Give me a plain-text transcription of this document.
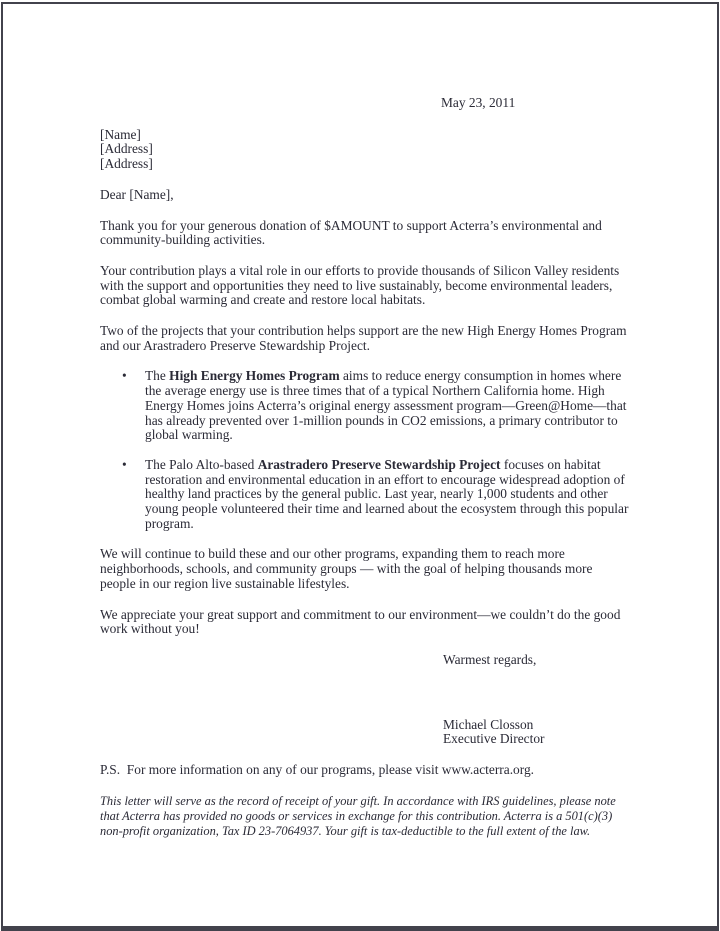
May 23, 2011
[Name]
[Address]
[Address]

Dear [Name],

Thank you for your generous donation of $AMOUNT to support Acterra’s environmental and community-building activities.

Your contribution plays a vital role in our efforts to provide thousands of Silicon Valley residents with the support and opportunities they need to live sustainably, become environmental leaders, combat global warming and create and restore local habitats.

Two of the projects that your contribution helps support are the new High Energy Homes Program and our Arastradero Preserve Stewardship Project.

• The High Energy Homes Program aims to reduce energy consumption in homes where the average energy use is three times that of a typical Northern California home. High Energy Homes joins Acterra’s original energy assessment program—Green@Home—that has already prevented over 1-million pounds in CO2 emissions, a primary contributor to global warming.
• The Palo Alto-based Arastradero Preserve Stewardship Project focuses on habitat restoration and environmental education in an effort to encourage widespread adoption of healthy land practices by the general public. Last year, nearly 1,000 students and other young people volunteered their time and learned about the ecosystem through this popular program.

We will continue to build these and our other programs, expanding them to reach more neighborhoods, schools, and community groups — with the goal of helping thousands more people in our region live sustainable lifestyles.

We appreciate your great support and commitment to our environment—we couldn’t do the good work without you!

Warmest regards,

Michael Closson
Executive Director

P.S.  For more information on any of our programs, please visit www.acterra.org.

This letter will serve as the record of receipt of your gift. In accordance with IRS guidelines, please note that Acterra has provided no goods or services in exchange for this contribution. Acterra is a 501(c)(3) non-profit organization, Tax ID 23-7064937. Your gift is tax-deductible to the full extent of the law.
